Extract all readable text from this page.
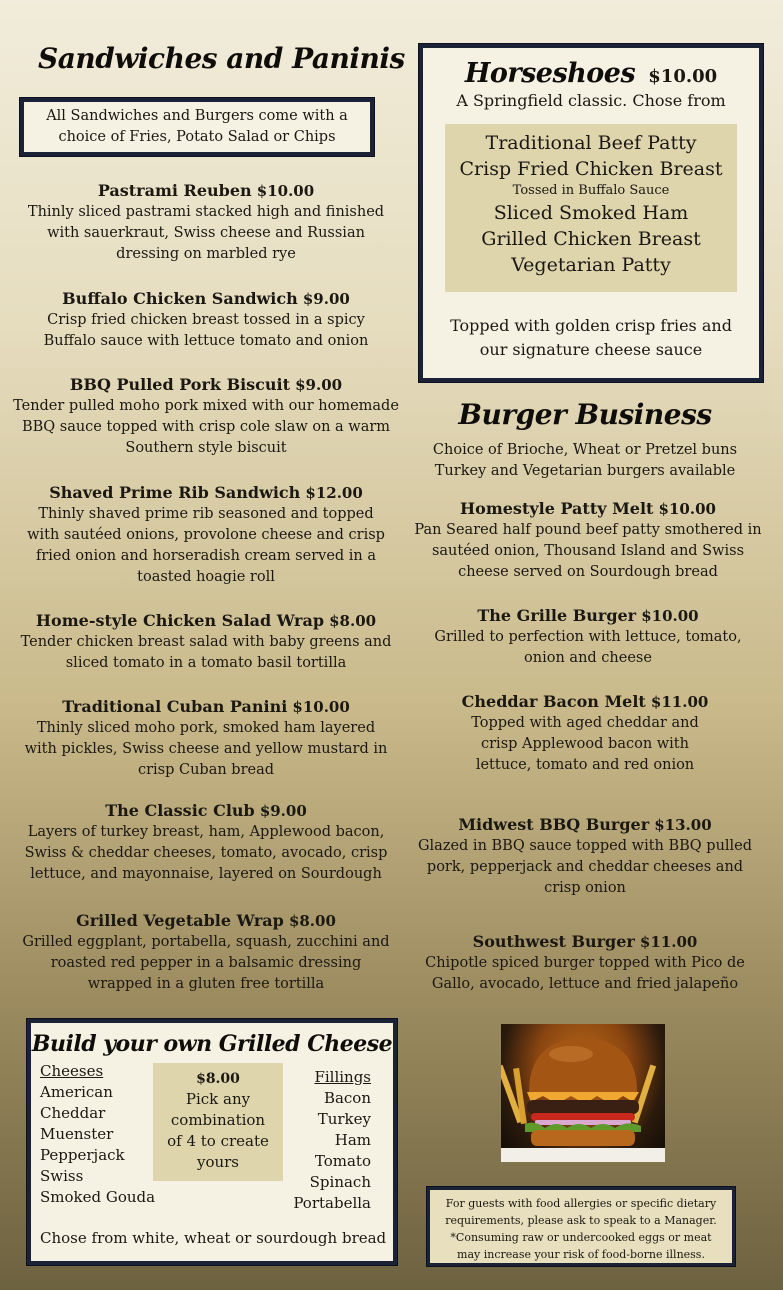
Sandwiches and Paninis
All Sandwiches and Burgers come with a choice of Fries, Potato Salad or Chips
Pastrami Reuben $10.00
Thinly sliced pastrami stacked high and finished with sauerkraut, Swiss cheese and Russian dressing on marbled rye
Buffalo Chicken Sandwich $9.00
Crisp fried chicken breast tossed in a spicy Buffalo sauce with lettuce tomato and onion
BBQ Pulled Pork Biscuit $9.00
Tender pulled moho pork mixed with our homemade BBQ sauce topped with crisp cole slaw on a warm Southern style biscuit
Shaved Prime Rib Sandwich $12.00
Thinly shaved prime rib seasoned and topped with sautéed onions, provolone cheese and crisp fried onion and horseradish cream served in a toasted hoagie roll
Home-style Chicken Salad Wrap $8.00
Tender chicken breast salad with baby greens and sliced tomato in a tomato basil tortilla
Traditional Cuban Panini $10.00
Thinly sliced moho pork, smoked ham layered with pickles, Swiss cheese and yellow mustard in crisp Cuban bread
The Classic Club $9.00
Layers of turkey breast, ham, Applewood bacon, Swiss & cheddar cheeses, tomato, avocado, crisp lettuce, and mayonnaise, layered on Sourdough
Grilled Vegetable Wrap $8.00
Grilled eggplant, portabella, squash, zucchini and roasted red pepper in a balsamic dressing wrapped in a gluten free tortilla
Horseshoes $10.00
A Springfield classic. Chose from
Traditional Beef Patty
Crisp Fried Chicken Breast
Tossed in Buffalo Sauce
Sliced Smoked Ham
Grilled Chicken Breast
Vegetarian Patty
Topped with golden crisp fries and our signature cheese sauce
Burger Business
Choice of Brioche, Wheat or Pretzel buns
Turkey and Vegetarian burgers available
Homestyle Patty Melt $10.00
Pan Seared half pound beef patty smothered in sautéed onion, Thousand Island and Swiss cheese served on Sourdough bread
The Grille Burger $10.00
Grilled to perfection with lettuce, tomato, onion and cheese
Cheddar Bacon Melt $11.00
Topped with aged cheddar and crisp Applewood bacon with lettuce, tomato and red onion
Midwest BBQ Burger $13.00
Glazed in BBQ sauce topped with BBQ pulled pork, pepperjack and cheddar cheeses and crisp onion
Southwest Burger $11.00
Chipotle spiced burger topped with Pico de Gallo, avocado, lettuce and fried jalapeño
Build your own Grilled Cheese
Cheeses
American
Cheddar
Muenster
Pepperjack
Swiss
Smoked Gouda
$8.00
Pick any combination of 4 to create yours
Fillings
Bacon
Turkey
Ham
Tomato
Spinach
Portabella
Chose from white, wheat or sourdough bread
For guests with food allergies or specific dietary requirements, please ask to speak to a Manager.
*Consuming raw or undercooked eggs or meat may increase your risk of food-borne illness.
